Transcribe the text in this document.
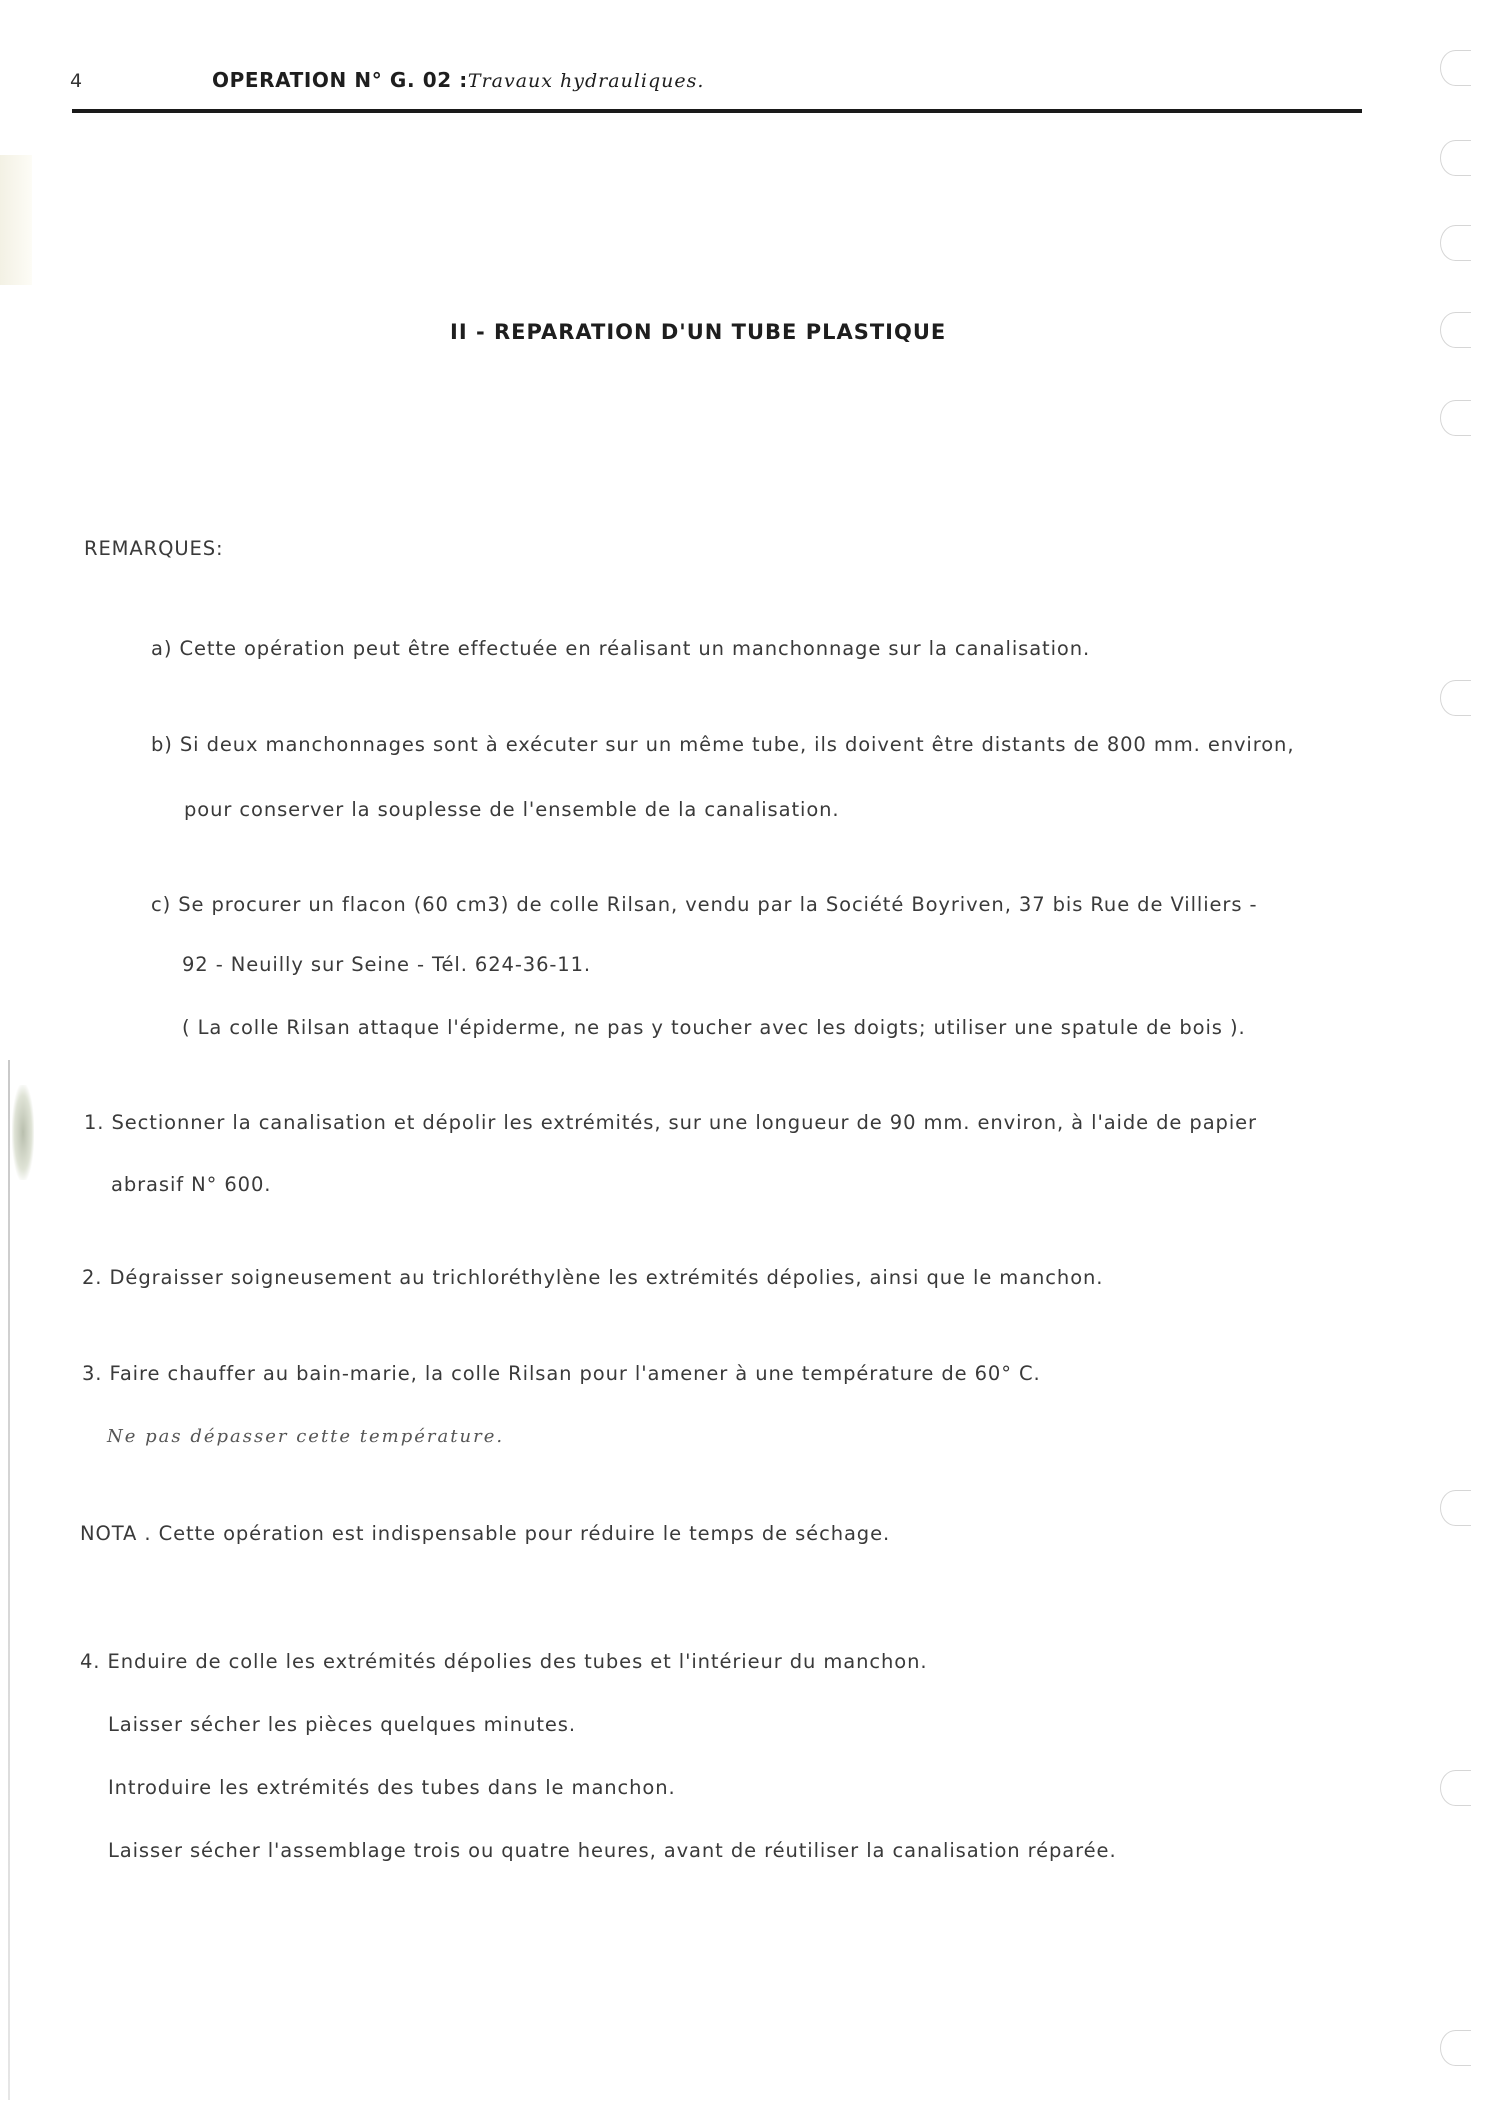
4	OPERATION N° G. 02 :Travaux hydrauliques.
II - REPARATION D'UN TUBE PLASTIQUE
REMARQUES:
a) Cette opération peut être effectuée en réalisant un manchonnage sur la canalisation.
b) Si deux manchonnages sont à exécuter sur un même tube, ils doivent être distants de 800 mm. environ,
pour conserver la souplesse de l'ensemble de la canalisation.
c) Se procurer un flacon (60 cm3) de colle Rilsan, vendu par la Société Boyriven, 37 bis Rue de Villiers -
92 - Neuilly sur Seine - Tél. 624-36-11.
( La colle Rilsan attaque l'épiderme, ne pas y toucher avec les doigts; utiliser une spatule de bois ).
1. Sectionner la canalisation et dépolir les extrémités, sur une longueur de 90 mm. environ, à l'aide de papier
abrasif N° 600.
2. Dégraisser soigneusement au trichloréthylène les extrémités dépolies, ainsi que le manchon.
3. Faire chauffer au bain-marie, la colle Rilsan pour l'amener à une température de 60° C.
Ne pas dépasser cette température.
NOTA . Cette opération est indispensable pour réduire le temps de séchage.
4. Enduire de colle les extrémités dépolies des tubes et l'intérieur du manchon.
Laisser sécher les pièces quelques minutes.
Introduire les extrémités des tubes dans le manchon.
Laisser sécher l'assemblage trois ou quatre heures, avant de réutiliser la canalisation réparée.
